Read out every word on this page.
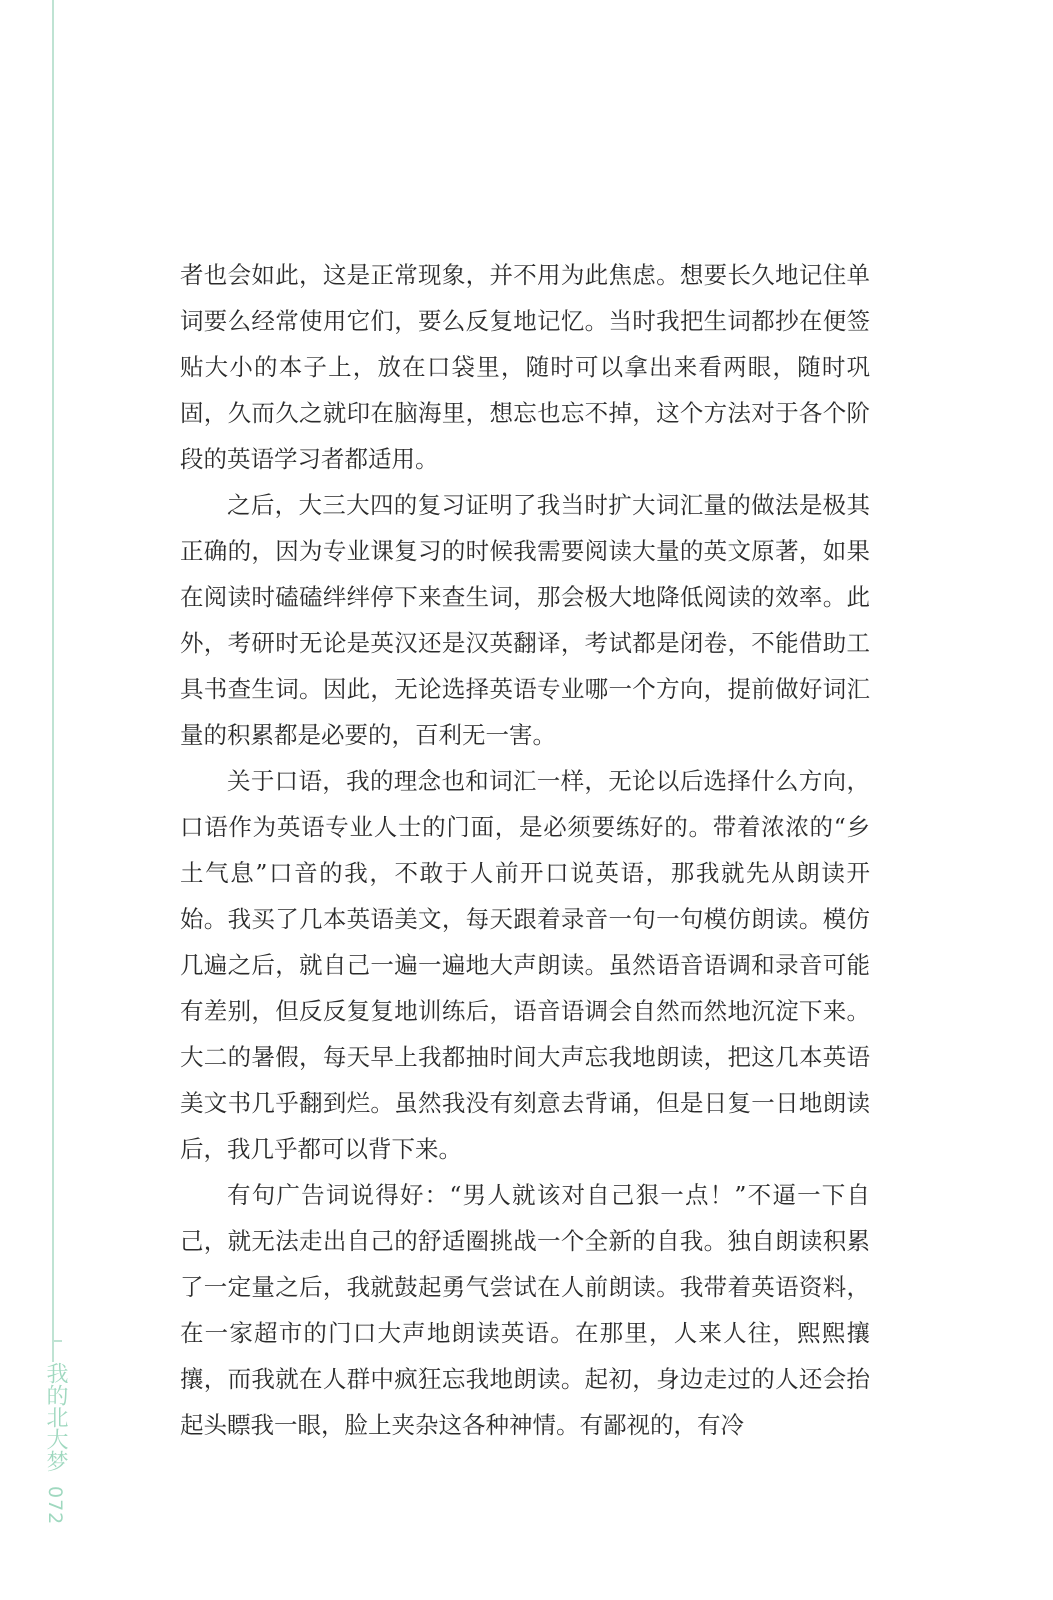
我的北大梦072

者也会如此，这是正常现象，并不用为此焦虑。想要长久地记住单词要么经常使用它们，要么反复地记忆。当时我把生词都抄在便签贴大小的本子上，放在口袋里，随时可以拿出来看两眼，随时巩固，久而久之就印在脑海里，想忘也忘不掉，这个方法对于各个阶段的英语学习者都适用。

之后，大三大四的复习证明了我当时扩大词汇量的做法是极其正确的，因为专业课复习的时候我需要阅读大量的英文原著，如果在阅读时磕磕绊绊停下来查生词，那会极大地降低阅读的效率。此外，考研时无论是英汉还是汉英翻译，考试都是闭卷，不能借助工具书查生词。因此，无论选择英语专业哪一个方向，提前做好词汇量的积累都是必要的，百利无一害。

关于口语，我的理念也和词汇一样，无论以后选择什么方向，口语作为英语专业人士的门面，是必须要练好的。带着浓浓的“乡土气息”口音的我，不敢于人前开口说英语，那我就先从朗读开始。我买了几本英语美文，每天跟着录音一句一句模仿朗读。模仿几遍之后，就自己一遍一遍地大声朗读。虽然语音语调和录音可能有差别，但反反复复地训练后，语音语调会自然而然地沉淀下来。大二的暑假，每天早上我都抽时间大声忘我地朗读，把这几本英语美文书几乎翻到烂。虽然我没有刻意去背诵，但是日复一日地朗读后，我几乎都可以背下来。

有句广告词说得好：“男人就该对自己狠一点！”不逼一下自己，就无法走出自己的舒适圈挑战一个全新的自我。独自朗读积累了一定量之后，我就鼓起勇气尝试在人前朗读。我带着英语资料，在一家超市的门口大声地朗读英语。在那里，人来人往，熙熙攘攘，而我就在人群中疯狂忘我地朗读。起初，身边走过的人还会抬起头瞟我一眼，脸上夹杂这各种神情。有鄙视的，有冷
